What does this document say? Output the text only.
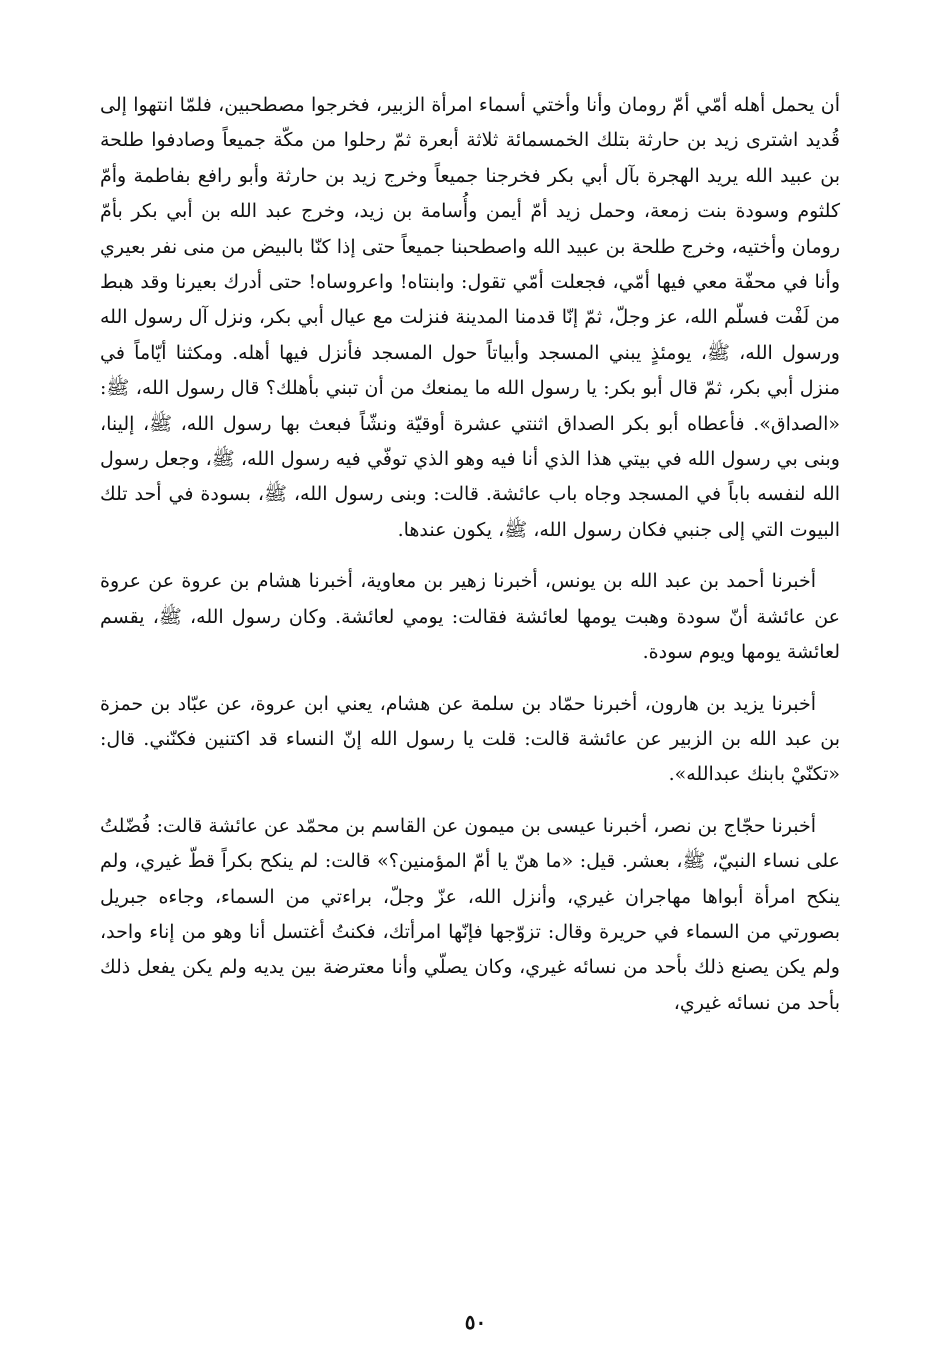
أن يحمل أهله أمّي أمّ رومان وأنا وأختي أسماء امرأة الزبير، فخرجوا مصطحبين، فلمّا انتهوا إلى قُديد اشترى زيد بن حارثة بتلك الخمسمائة ثلاثة أبعرة ثمّ رحلوا من مكّة جميعاً وصادفوا طلحة بن عبيد الله يريد الهجرة بآل أبي بكر فخرجنا جميعاً وخرج زيد بن حارثة وأبو رافع بفاطمة وأمّ كلثوم وسودة بنت زمعة، وحمل زيد أمّ أيمن وأُسامة بن زيد، وخرج عبد الله بن أبي بكر بأمّ رومان وأختيه، وخرج طلحة بن عبيد الله واصطحبنا جميعاً حتى إذا كنّا بالبيض من منى نفر بعيري وأنا في محفّة معي فيها أمّي، فجعلت أمّي تقول: وابنتاه! واعروساه! حتى أدرك بعيرنا وقد هبط من لَفْت فسلّم الله، عز وجلّ، ثمّ إنّا قدمنا المدينة فنزلت مع عيال أبي بكر، ونزل آل رسول الله ورسول الله، ﷺ، يومئذٍ يبني المسجد وأبياتاً حول المسجد فأنزل فيها أهله. ومكثنا أيّاماً في منزل أبي بكر، ثمّ قال أبو بكر: يا رسول الله ما يمنعك من أن تبني بأهلك؟ قال رسول الله، ﷺ: «الصداق». فأعطاه أبو بكر الصداق اثنتي عشرة أوقيّة ونشّاً فبعث بها رسول الله، ﷺ، إلينا، وبنى بي رسول الله في بيتي هذا الذي أنا فيه وهو الذي توفّي فيه رسول الله، ﷺ، وجعل رسول الله لنفسه باباً في المسجد وجاه باب عائشة. قالت: وبنى رسول الله، ﷺ، بسودة في أحد تلك البيوت التي إلى جنبي فكان رسول الله، ﷺ، يكون عندها.

أخبرنا أحمد بن عبد الله بن يونس، أخبرنا زهير بن معاوية، أخبرنا هشام بن عروة عن عروة عن عائشة أنّ سودة وهبت يومها لعائشة فقالت: يومي لعائشة. وكان رسول الله، ﷺ، يقسم لعائشة يومها ويوم سودة.

أخبرنا يزيد بن هارون، أخبرنا حمّاد بن سلمة عن هشام، يعني ابن عروة، عن عبّاد بن حمزة بن عبد الله بن الزبير عن عائشة قالت: قلت يا رسول الله إنّ النساء قد اكتنين فكنّني. قال: «تكنّيْ بابنك عبدالله».

أخبرنا حجّاج بن نصر، أخبرنا عيسى بن ميمون عن القاسم بن محمّد عن عائشة قالت: فُضّلتُ على نساء النبيّ، ﷺ، بعشر. قيل: «ما هنّ يا أمّ المؤمنين؟» قالت: لم ينكح بكراً قطّ غيري، ولم ينكح امرأة أبواها مهاجران غيري، وأنزل الله، عزّ وجلّ، براءتي من السماء، وجاءه جبريل بصورتي من السماء في حريرة وقال: تزوّجها فإنّها امرأتك، فكنتُ أغتسل أنا وهو من إناء واحد، ولم يكن يصنع ذلك بأحد من نسائه غيري، وكان يصلّي وأنا معترضة بين يديه ولم يكن يفعل ذلك بأحد من نسائه غيري،

٥٠
